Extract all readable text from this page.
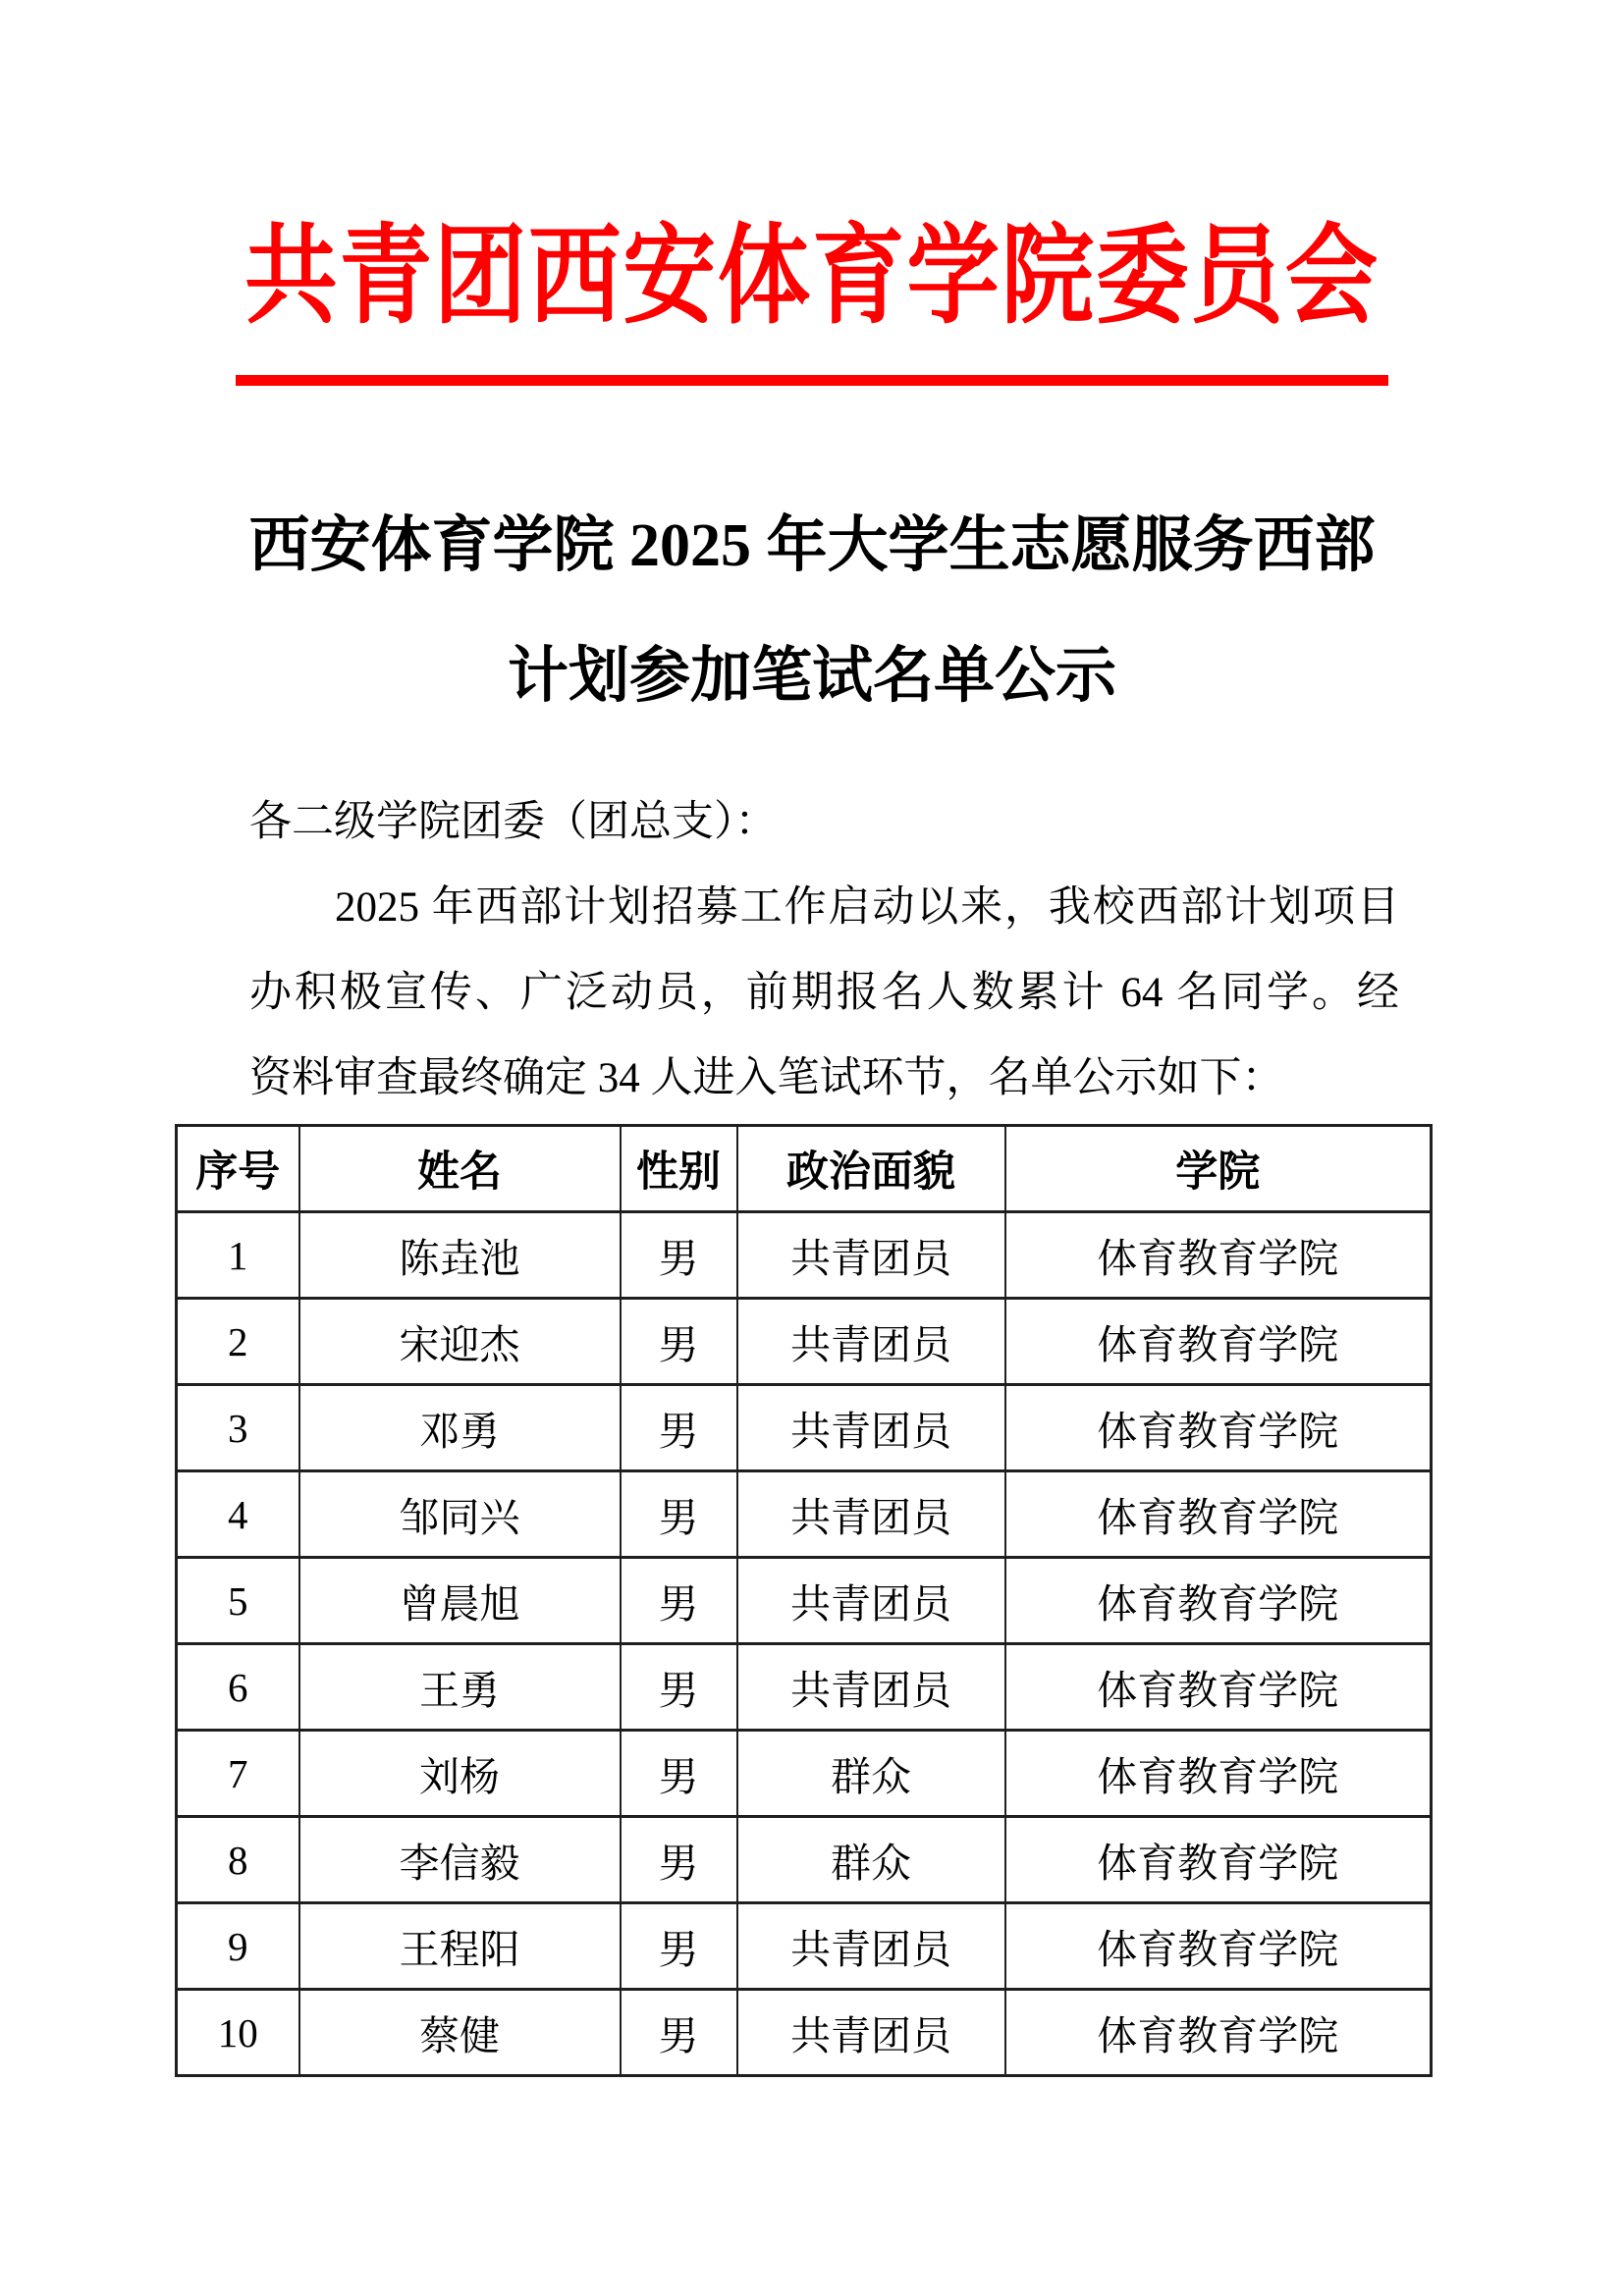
共青团西安体育学院委员会
西安体育学院 2025 年大学生志愿服务西部
计划参加笔试名单公示
各二级学院团委（团总支）：
2025 年西部计划招募工作启动以来，我校西部计划项目
办积极宣传、广泛动员，前期报名人数累计 64 名同学。经
资料审查最终确定 34 人进入笔试环节，名单公示如下：
序号	姓名	性别	政治面貌	学院
1	陈垚池	男	共青团员	体育教育学院
2	宋迎杰	男	共青团员	体育教育学院
3	邓勇	男	共青团员	体育教育学院
4	邹同兴	男	共青团员	体育教育学院
5	曾晨旭	男	共青团员	体育教育学院
6	王勇	男	共青团员	体育教育学院
7	刘杨	男	群众	体育教育学院
8	李信毅	男	群众	体育教育学院
9	王程阳	男	共青团员	体育教育学院
10	蔡健	男	共青团员	体育教育学院
